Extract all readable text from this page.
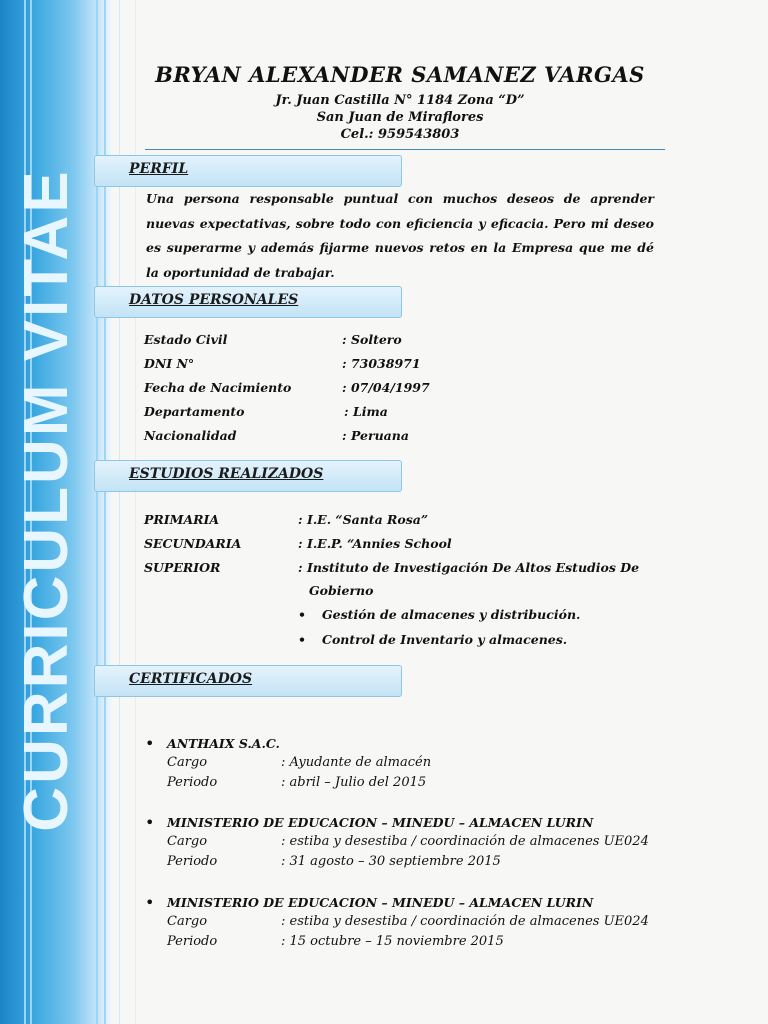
CURRICULUM VITAE
BRYAN ALEXANDER SAMANEZ VARGAS
Jr. Juan Castilla N° 1184 Zona “D”
San Juan de Miraflores
Cel.: 959543803
PERFIL
Una persona responsable puntual con muchos deseos de aprender nuevas expectativas, sobre todo con eficiencia y eficacia. Pero mi deseo es superarme y además fijarme nuevos retos en la Empresa que me dé la oportunidad de trabajar.
DATOS PERSONALES
Estado Civil	: Soltero
DNI N°	: 73038971
Fecha de Nacimiento	: 07/04/1997
Departamento	: Lima
Nacionalidad	: Peruana
ESTUDIOS REALIZADOS
PRIMARIA	: I.E. “Santa Rosa”
SECUNDARIA	: I.E.P. “Annies School
SUPERIOR	: Instituto de Investigación De Altos Estudios De
Gobierno
• Gestión de almacenes y distribución.
• Control de Inventario y almacenes.
CERTIFICADOS
• ANTHAIX S.A.C.
Cargo	: Ayudante de almacén
Periodo	: abril – Julio del 2015
• MINISTERIO DE EDUCACION – MINEDU – ALMACEN LURIN
Cargo	: estiba y desestiba / coordinación de almacenes UE024
Periodo	: 31 agosto – 30 septiembre 2015
• MINISTERIO DE EDUCACION – MINEDU – ALMACEN LURIN
Cargo	: estiba y desestiba / coordinación de almacenes UE024
Periodo	: 15 octubre – 15 noviembre 2015
